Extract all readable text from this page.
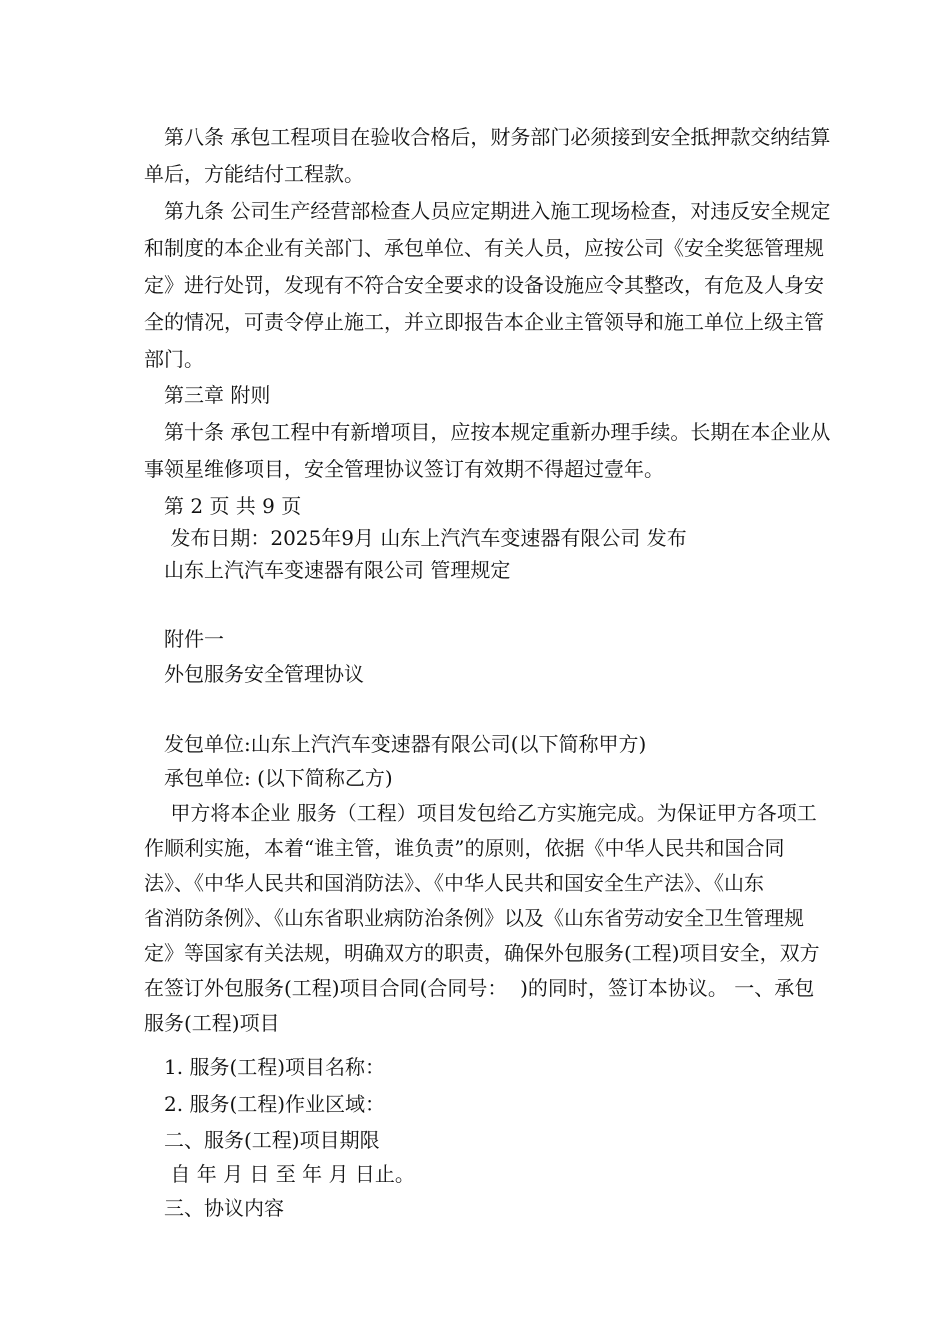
　第八条 承包工程项目在验收合格后，财务部门必须接到安全抵押款交纳结算
单后，方能结付工程款。
　第九条 公司生产经营部检查人员应定期进入施工现场检查，对违反安全规定
和制度的本企业有关部门、承包单位、有关人员，应按公司《安全奖惩管理规
定》进行处罚，发现有不符合安全要求的设备设施应令其整改，有危及人身安
全的情况，可责令停止施工，并立即报告本企业主管领导和施工单位上级主管
部门。
　第三章 附则
　第十条 承包工程中有新增项目，应按本规定重新办理手续。长期在本企业从
事领星维修项目，安全管理协议签订有效期不得超过壹年。
　第 2 页 共 9 页
　 发布日期：2025年9月 山东上汽汽车变速器有限公司 发布
　山东上汽汽车变速器有限公司 管理规定
　附件一
　外包服务安全管理协议
　发包单位:山东上汽汽车变速器有限公司(以下简称甲方)
　承包单位: (以下简称乙方)
　 甲方将本企业 服务（工程）项目发包给乙方实施完成。为保证甲方各项工
作顺利实施，本着“谁主管，谁负责”的原则，依据《中华人民共和国合同
法》、《中华人民共和国消防法》、《中华人民共和国安全生产法》、《山东
省消防条例》、《山东省职业病防治条例》以及《山东省劳动安全卫生管理规
定》等国家有关法规，明确双方的职责，确保外包服务(工程)项目安全，双方
在签订外包服务(工程)项目合同(合同号：  )的同时，签订本协议。 一、承包
服务(工程)项目
　1. 服务(工程)项目名称：
　2. 服务(工程)作业区域：
　二、服务(工程)项目期限
　 自 年 月 日 至 年 月 日止。
　三、协议内容
